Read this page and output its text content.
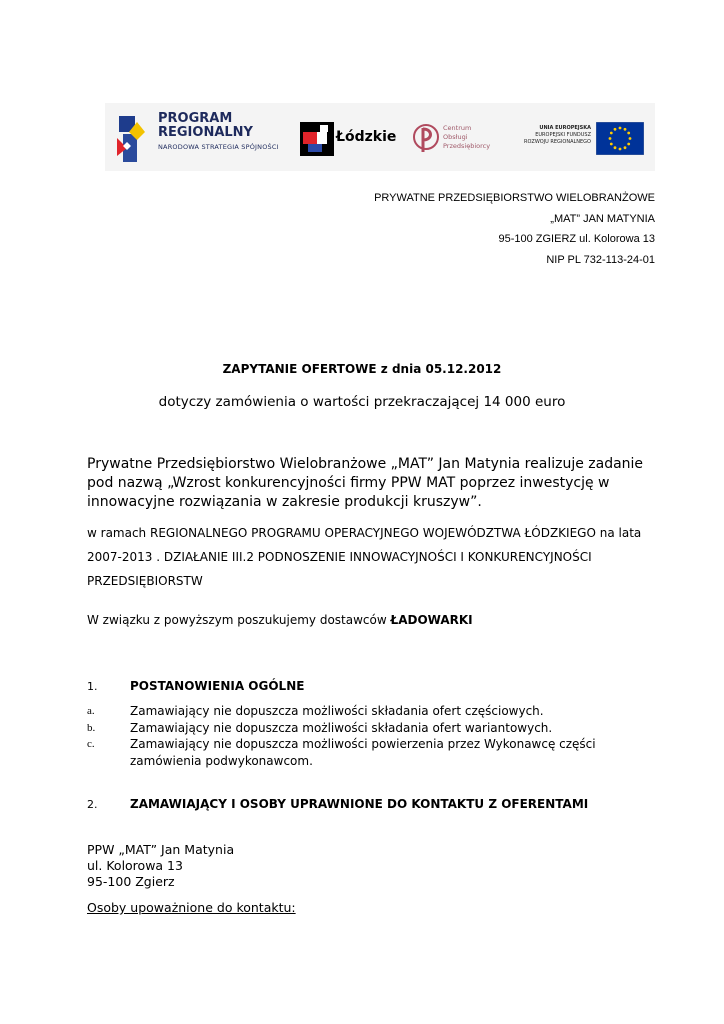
PROGRAM
REGIONALNY
NARODOWA STRATEGIA SPÓJNOŚCI
Łódzkie
Centrum
Obsługi
Przedsiębiorcy
UNIA EUROPEJSKA
EUROPEJSKI FUNDUSZ
ROZWOJU REGIONALNEGO
PRYWATNE PRZEDSIĘBIORSTWO WIELOBRANŻOWE
„MAT” JAN MATYNIA
95-100 ZGIERZ ul. Kolorowa 13
NIP PL 732-113-24-01
ZAPYTANIE OFERTOWE z dnia 05.12.2012
dotyczy zamówienia o wartości przekraczającej 14 000 euro
Prywatne Przedsiębiorstwo Wielobranżowe „MAT” Jan Matynia realizuje zadanie pod nazwą „Wzrost konkurencyjności firmy PPW MAT poprzez inwestycję w innowacyjne rozwiązania w zakresie produkcji kruszyw”.
w ramach REGIONALNEGO PROGRAMU OPERACYJNEGO WOJEWÓDZTWA ŁÓDZKIEGO na lata 2007-2013 . DZIAŁANIE III.2 PODNOSZENIE INNOWACYJNOŚCI I KONKURENCYJNOŚCI PRZEDSIĘBIORSTW
W związku z powyższym poszukujemy dostawców ŁADOWARKI
1.	POSTANOWIENIA OGÓLNE
a.	Zamawiający nie dopuszcza możliwości składania ofert częściowych.
b.	Zamawiający nie dopuszcza możliwości składania ofert wariantowych.
c.	Zamawiający nie dopuszcza możliwości powierzenia przez Wykonawcę części zamówienia podwykonawcom.
2.	ZAMAWIAJĄCY I OSOBY UPRAWNIONE DO KONTAKTU Z OFERENTAMI
PPW „MAT” Jan Matynia
ul. Kolorowa 13
95-100 Zgierz
Osoby upoważnione do kontaktu:
